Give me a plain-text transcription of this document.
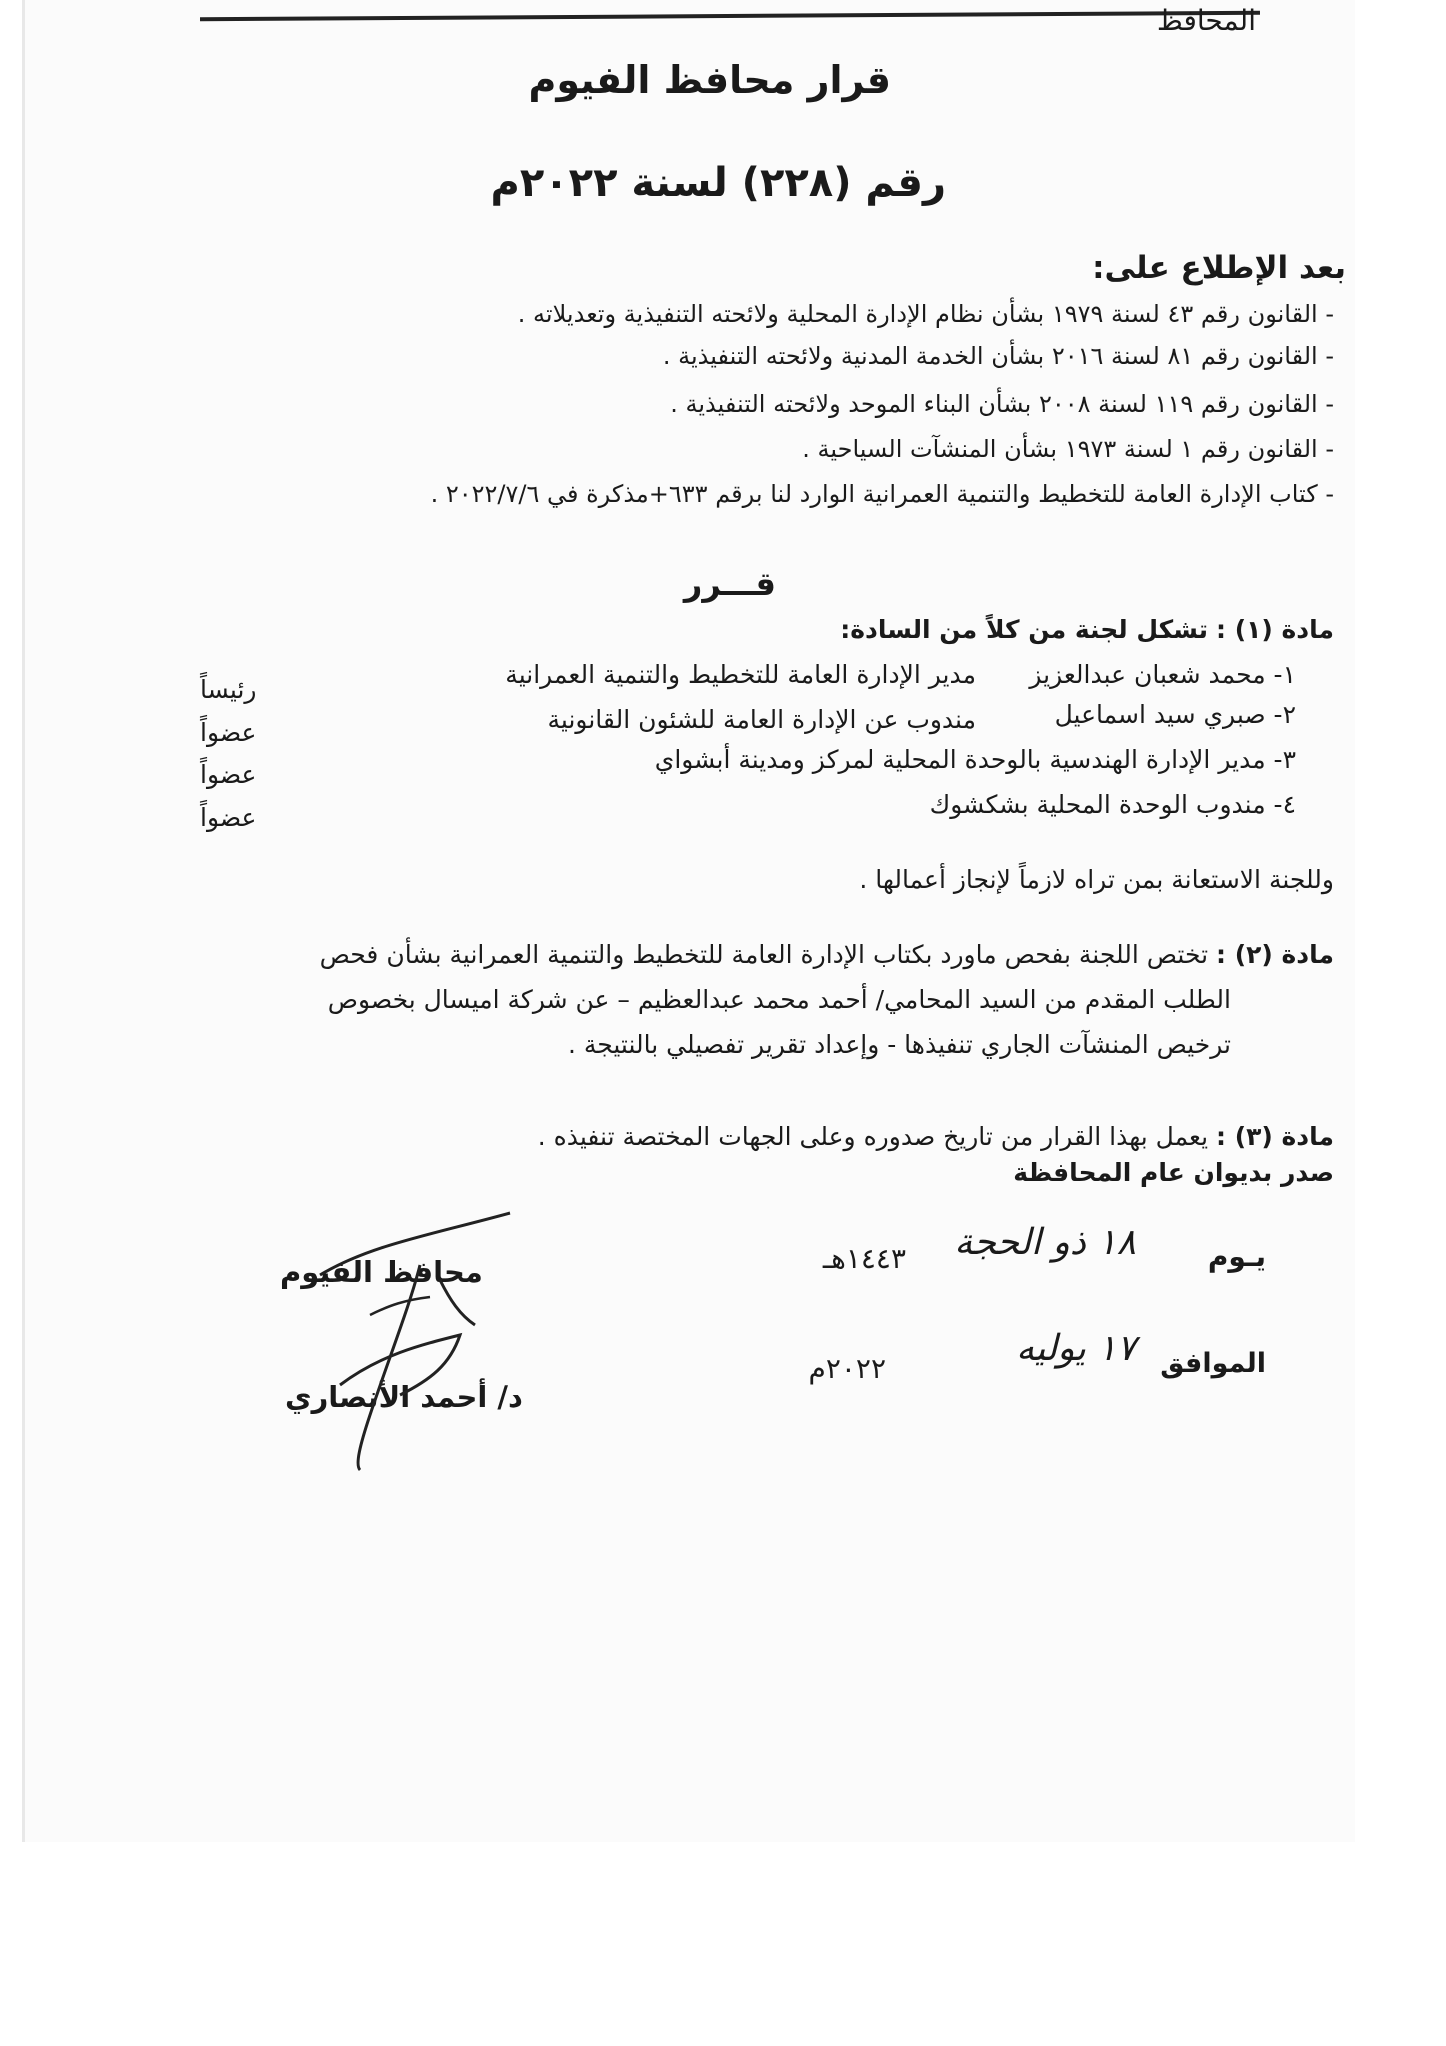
المحافظ
قرار محافظ الفيوم
رقم (٢٢٨) لسنة ٢٠٢٢م
بعد الإطلاع على:
- القانون رقم ٤٣ لسنة ١٩٧٩ بشأن نظام الإدارة المحلية ولائحته التنفيذية وتعديلاته .
- القانون رقم ٨١ لسنة ٢٠١٦ بشأن الخدمة المدنية ولائحته التنفيذية .
- القانون رقم ١١٩ لسنة ٢٠٠٨ بشأن البناء الموحد ولائحته التنفيذية .
- القانون رقم ١ لسنة ١٩٧٣ بشأن المنشآت السياحية .
- كتاب الإدارة العامة للتخطيط والتنمية العمرانية الوارد لنا برقم ٦٣٣+مذكرة في ٢٠٢٢/٧/٦ .
قـــرر
مادة (١) : تشكل لجنة من كلاً من السادة:
١- محمد شعبان عبدالعزيز
مدير الإدارة العامة للتخطيط والتنمية العمرانية
رئيساً
٢- صبري سيد اسماعيل
مندوب عن الإدارة العامة للشئون القانونية
عضواً
٣- مدير الإدارة الهندسية بالوحدة المحلية لمركز ومدينة أبشواي
عضواً
٤- مندوب الوحدة المحلية بشكشوك
عضواً
وللجنة الاستعانة بمن تراه لازماً لإنجاز أعمالها .
مادة (٢) : تختص اللجنة بفحص ماورد بكتاب الإدارة العامة للتخطيط والتنمية العمرانية بشأن فحص
الطلب المقدم من السيد المحامي/ أحمد محمد عبدالعظيم – عن شركة اميسال بخصوص
ترخيص المنشآت الجاري تنفيذها - وإعداد تقرير تفصيلي بالنتيجة .
مادة (٣) : يعمل بهذا القرار من تاريخ صدوره وعلى الجهات المختصة تنفيذه .
صدر بديوان عام المحافظة
يـوم
١٨ ذو الحجة
١٤٤٣هـ
الموافق
١٧ يوليه
٢٠٢٢م
محافظ الفيوم
د/ أحمد الأنصاري
